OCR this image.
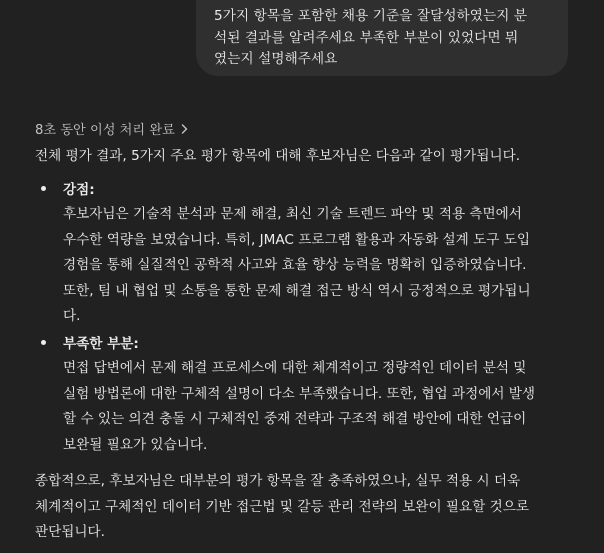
5가지 항목을 포함한 채용 기준을 잘달성하였는지 분
석된 결과를 알려주세요 부족한 부분이 있었다면 뭐
였는지 설명해주세요
8초 동안 이성 처리 완료
전체 평가 결과, 5가지 주요 평가 항목에 대해 후보자님은 다음과 같이 평가됩니다.
강점:
후보자님은 기술적 분석과 문제 해결, 최신 기술 트렌드 파악 및 적용 측면에서
우수한 역량을 보였습니다. 특히, JMAC 프로그램 활용과 자동화 설계 도구 도입
경험을 통해 실질적인 공학적 사고와 효율 향상 능력을 명확히 입증하였습니다.
또한, 팀 내 협업 및 소통을 통한 문제 해결 접근 방식 역시 긍정적으로 평가됩니
다.
부족한 부분:
면접 답변에서 문제 해결 프로세스에 대한 체계적이고 정량적인 데이터 분석 및
실험 방법론에 대한 구체적 설명이 다소 부족했습니다. 또한, 협업 과정에서 발생
할 수 있는 의견 충돌 시 구체적인 중재 전략과 구조적 해결 방안에 대한 언급이
보완될 필요가 있습니다.
종합적으로, 후보자님은 대부분의 평가 항목을 잘 충족하였으나, 실무 적용 시 더욱
체계적이고 구체적인 데이터 기반 접근법 및 갈등 관리 전략의 보완이 필요할 것으로
판단됩니다.
